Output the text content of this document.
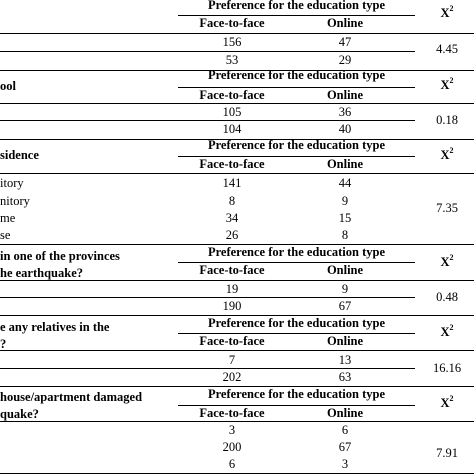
Preference for the education type
Face-to-face	Online
$X^2$
156	47
53	29
4.45
Preference for the education type
Face-to-face	Online
$X^2$
ool
105	36
104	40
0.18
Preference for the education type
Face-to-face	Online
$X^2$
sidence
itory	141	44
nitory	8	9
me	34	15
se	26	8
7.35
Preference for the education type
Face-to-face	Online
$X^2$
in one of the provinces
he earthquake?
19	9
190	67
0.48
Preference for the education type
Face-to-face	Online
$X^2$
e any relatives in the
?
7	13
202	63
16.16
Preference for the education type
Face-to-face	Online
$X^2$
house/apartment damaged
quake?
3	6
200	67
6	3
7.91
